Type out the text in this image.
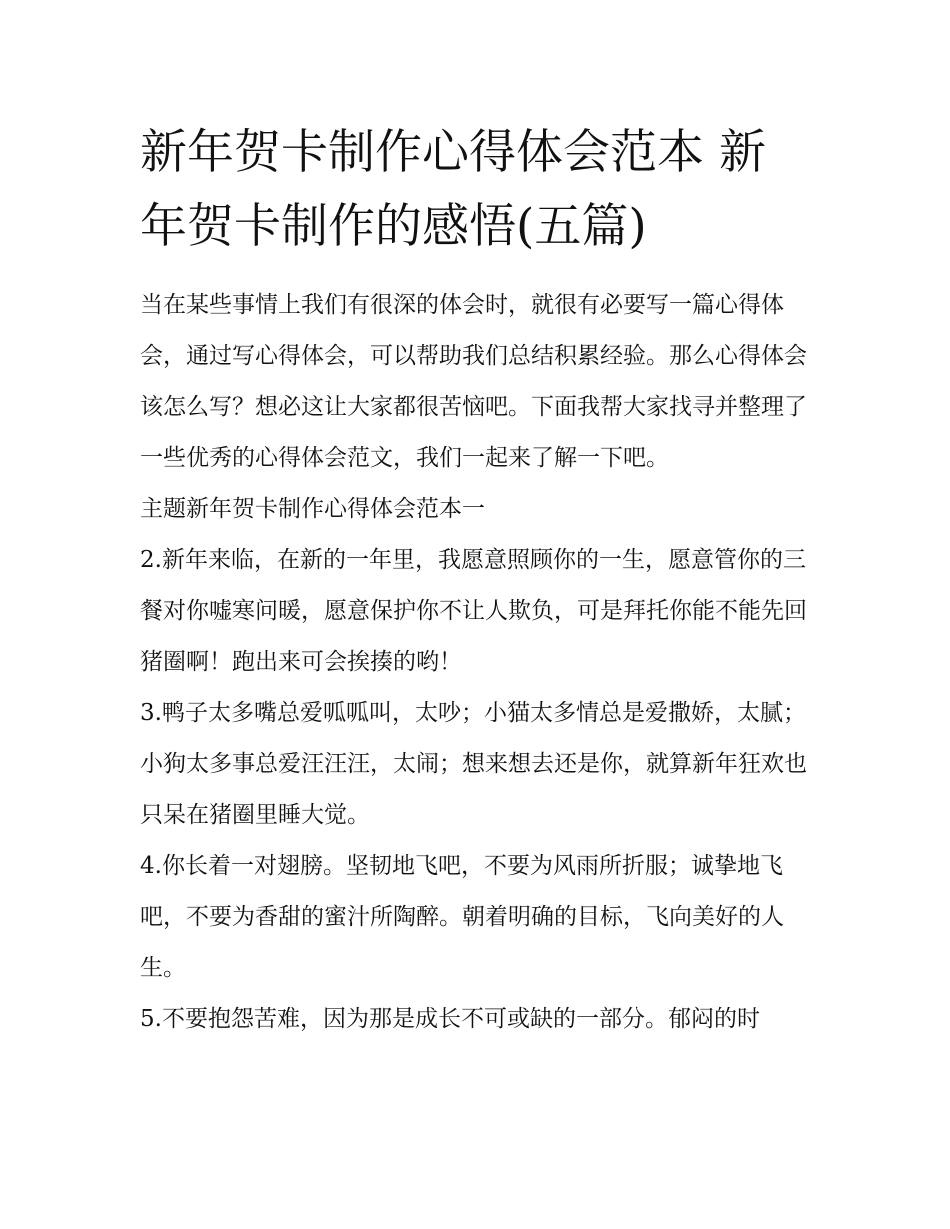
新年贺卡制作心得体会范本 新年贺卡制作的感悟(五篇)

当在某些事情上我们有很深的体会时，就很有必要写一篇心得体会，通过写心得体会，可以帮助我们总结积累经验。那么心得体会该怎么写？想必这让大家都很苦恼吧。下面我帮大家找寻并整理了一些优秀的心得体会范文，我们一起来了解一下吧。

主题新年贺卡制作心得体会范本一

2.新年来临，在新的一年里，我愿意照顾你的一生，愿意管你的三餐对你嘘寒问暖，愿意保护你不让人欺负，可是拜托你能不能先回猪圈啊！跑出来可会挨揍的哟！

3.鸭子太多嘴总爱呱呱叫，太吵；小猫太多情总是爱撒娇，太腻；小狗太多事总爱汪汪汪，太闹；想来想去还是你，就算新年狂欢也只呆在猪圈里睡大觉。

4.你长着一对翅膀。坚韧地飞吧，不要为风雨所折服；诚挚地飞吧，不要为香甜的蜜汁所陶醉。朝着明确的目标，飞向美好的人生。

5.不要抱怨苦难，因为那是成长不可或缺的一部分。郁闷的时
